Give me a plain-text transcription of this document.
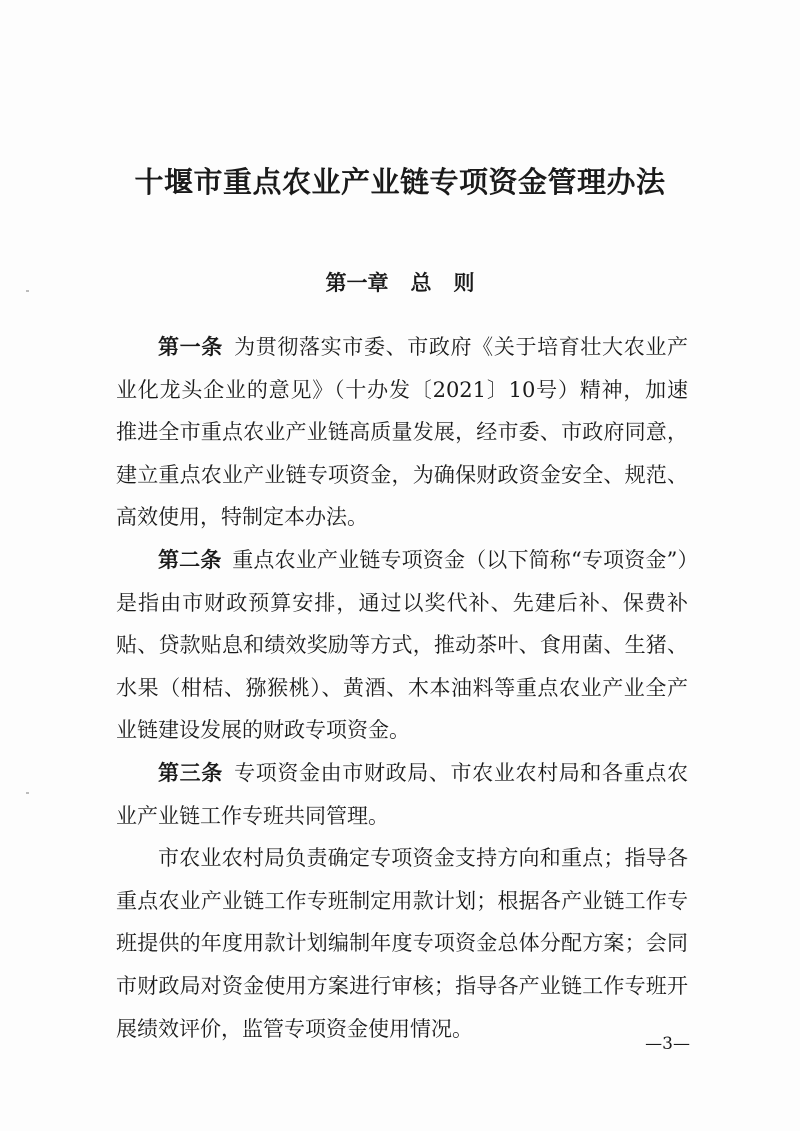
十堰市重点农业产业链专项资金管理办法
第一章 总 则

第一条  为贯彻落实市委、市政府《关于培育壮大农业产业化龙头企业的意见》（十办发〔2021〕10号）精神，加速推进全市重点农业产业链高质量发展，经市委、市政府同意，建立重点农业产业链专项资金，为确保财政资金安全、规范、高效使用，特制定本办法。

第二条  重点农业产业链专项资金（以下简称“专项资金”）是指由市财政预算安排，通过以奖代补、先建后补、保费补贴、贷款贴息和绩效奖励等方式，推动茶叶、食用菌、生猪、水果（柑桔、猕猴桃）、黄酒、木本油料等重点农业产业全产业链建设发展的财政专项资金。

第三条  专项资金由市财政局、市农业农村局和各重点农业产业链工作专班共同管理。

市农业农村局负责确定专项资金支持方向和重点；指导各重点农业产业链工作专班制定用款计划；根据各产业链工作专班提供的年度用款计划编制年度专项资金总体分配方案；会同市财政局对资金使用方案进行审核；指导各产业链工作专班开展绩效评价，监管专项资金使用情况。

—3—
